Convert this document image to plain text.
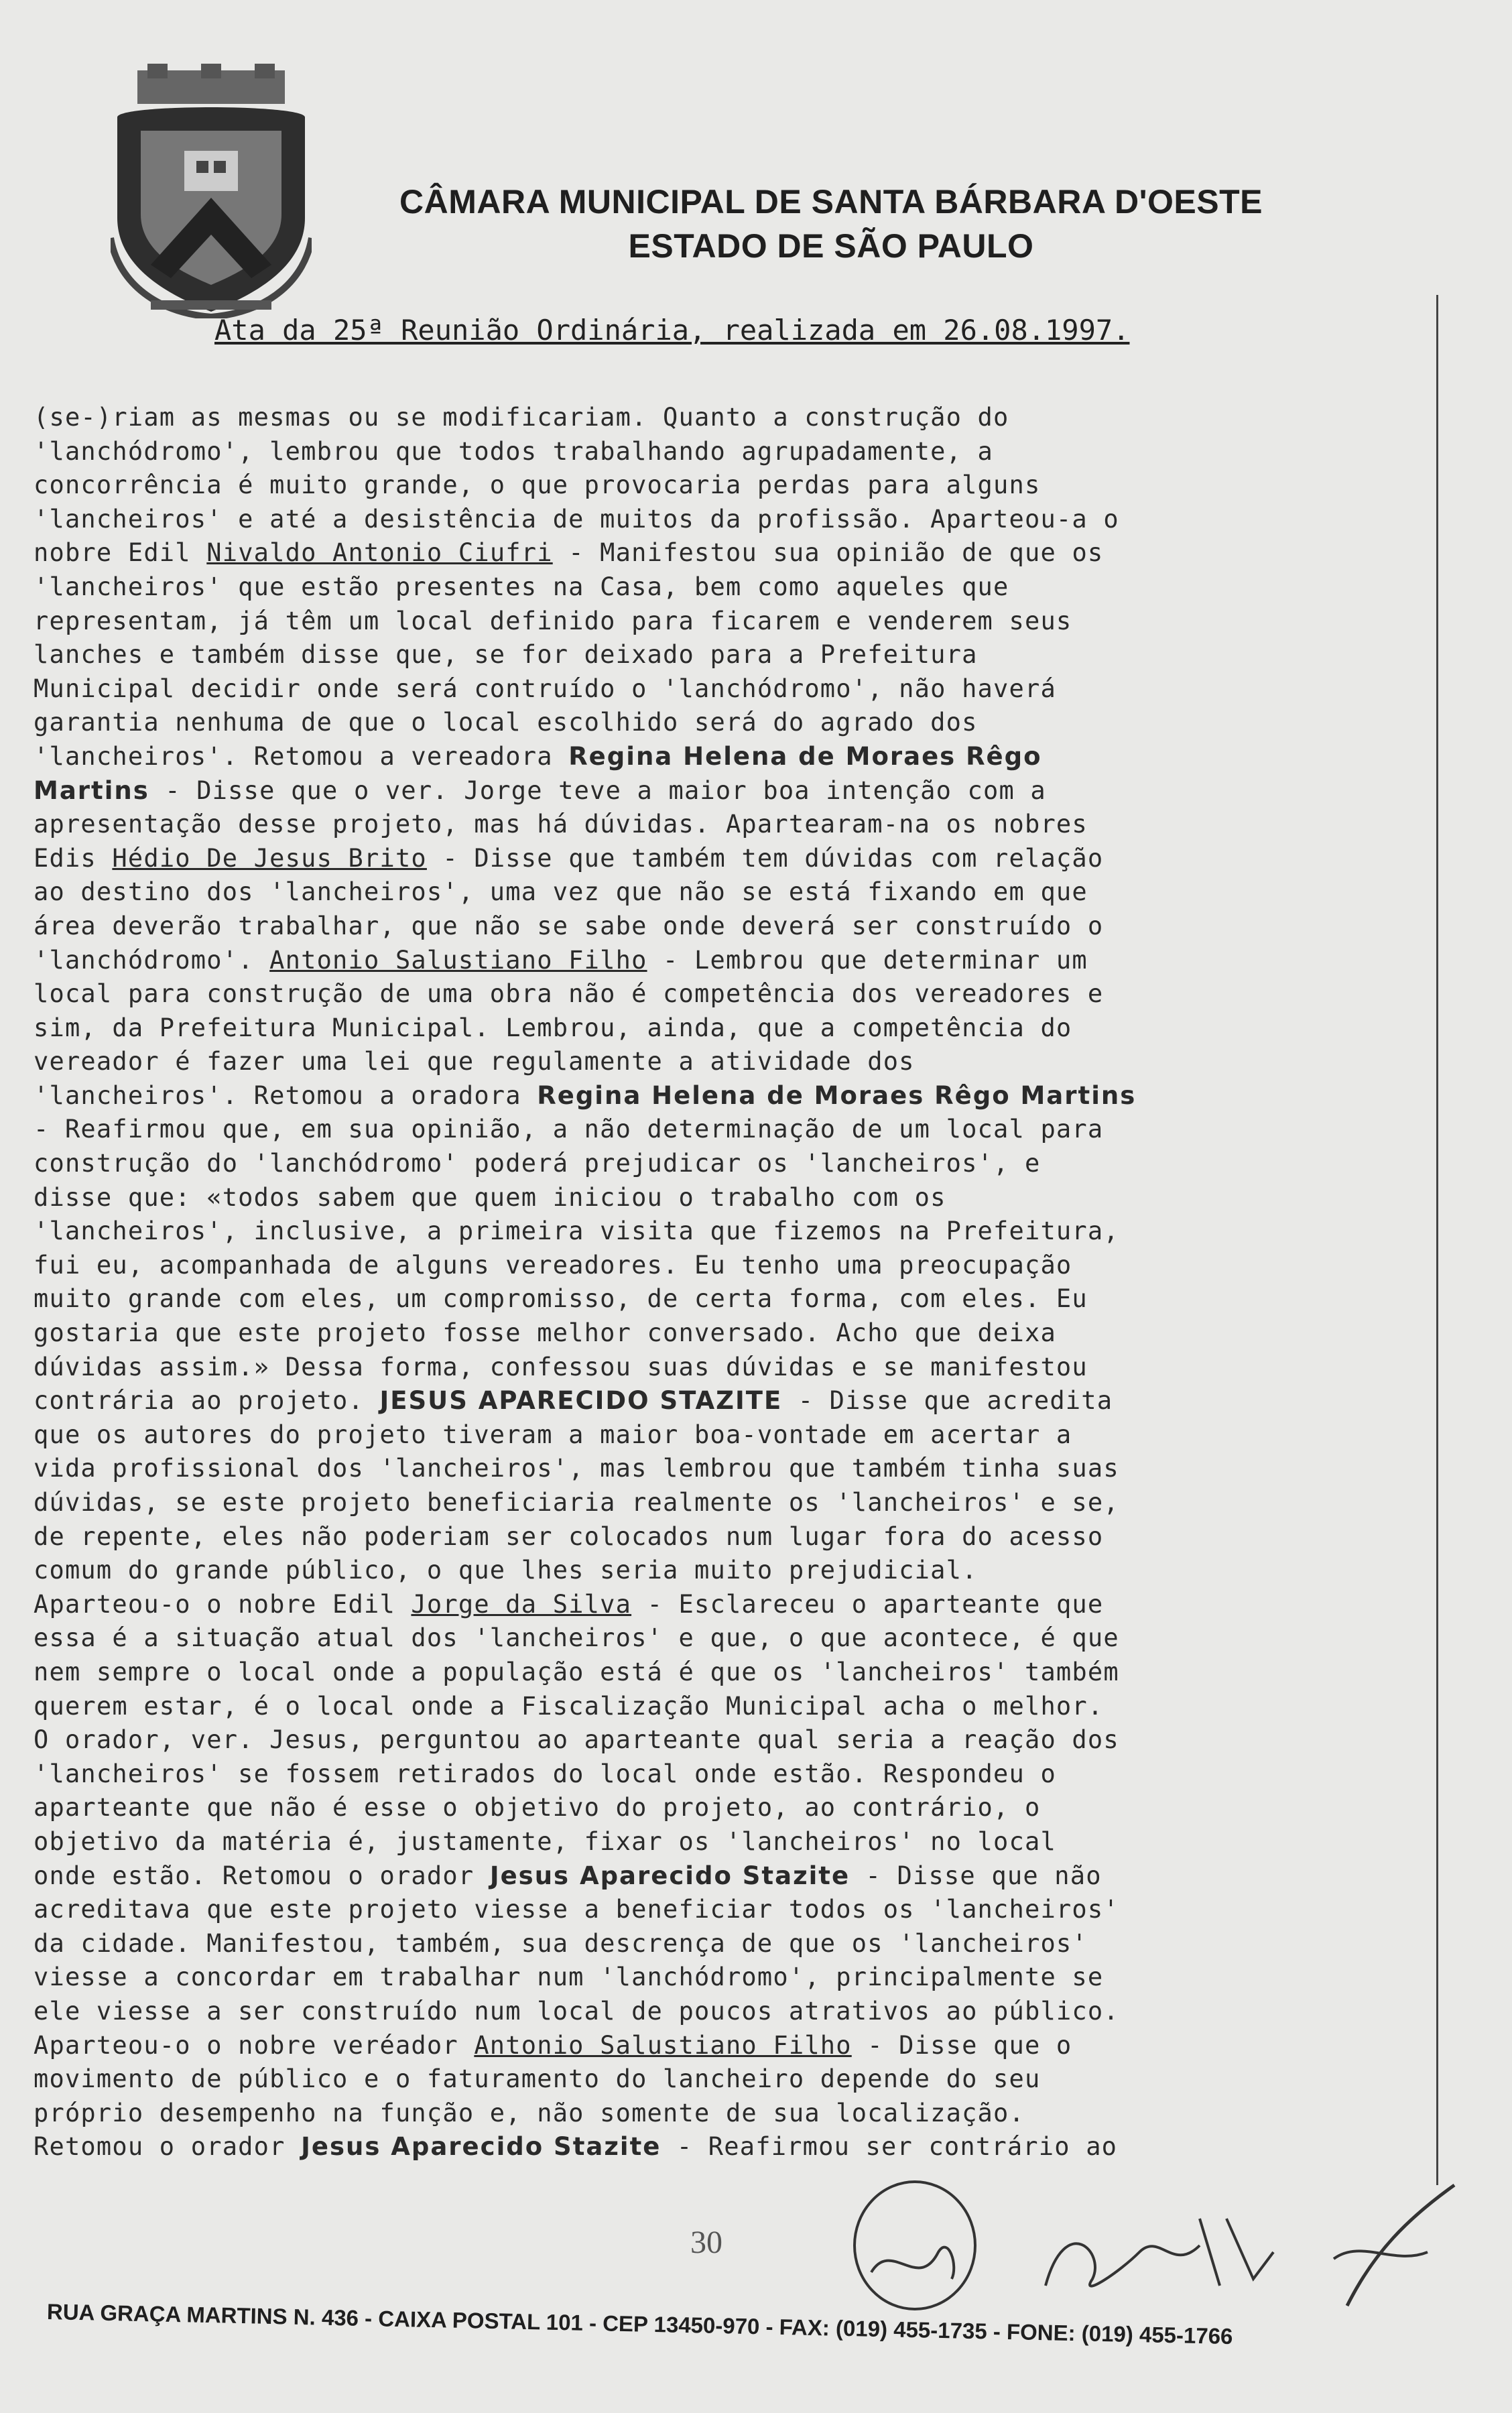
CÂMARA MUNICIPAL DE SANTA BÁRBARA D'OESTE
ESTADO DE SÃO PAULO
Ata da 25ª Reunião Ordinária, realizada em 26.08.1997.
(se-)riam as mesmas ou se modificariam. Quanto a construção do
'lanchódromo', lembrou que todos trabalhando agrupadamente, a
concorrência é muito grande, o que provocaria perdas para alguns
'lancheiros' e até a desistência de muitos da profissão. Aparteou-a o
nobre Edil Nivaldo Antonio Ciufri - Manifestou sua opinião de que os
'lancheiros' que estão presentes na Casa, bem como aqueles que
representam, já têm um local definido para ficarem e venderem seus
lanches e também disse que, se for deixado para a Prefeitura
Municipal decidir onde será contruído o 'lanchódromo', não haverá
garantia nenhuma de que o local escolhido será do agrado dos
'lancheiros'. Retomou a vereadora Regina Helena de Moraes Rêgo
Martins - Disse que o ver. Jorge teve a maior boa intenção com a
apresentação desse projeto, mas há dúvidas. Apartearam-na os nobres
Edis Hédio De Jesus Brito - Disse que também tem dúvidas com relação
ao destino dos 'lancheiros', uma vez que não se está fixando em que
área deverão trabalhar, que não se sabe onde deverá ser construído o
'lanchódromo'. Antonio Salustiano Filho - Lembrou que determinar um
local para construção de uma obra não é competência dos vereadores e
sim, da Prefeitura Municipal. Lembrou, ainda, que a competência do
vereador é fazer uma lei que regulamente a atividade dos
'lancheiros'. Retomou a oradora Regina Helena de Moraes Rêgo Martins
- Reafirmou que, em sua opinião, a não determinação de um local para
construção do 'lanchódromo' poderá prejudicar os 'lancheiros', e
disse que: «todos sabem que quem iniciou o trabalho com os
'lancheiros', inclusive, a primeira visita que fizemos na Prefeitura,
fui eu, acompanhada de alguns vereadores. Eu tenho uma preocupação
muito grande com eles, um compromisso, de certa forma, com eles. Eu
gostaria que este projeto fosse melhor conversado. Acho que deixa
dúvidas assim.» Dessa forma, confessou suas dúvidas e se manifestou
contrária ao projeto. JESUS APARECIDO STAZITE - Disse que acredita
que os autores do projeto tiveram a maior boa-vontade em acertar a
vida profissional dos 'lancheiros', mas lembrou que também tinha suas
dúvidas, se este projeto beneficiaria realmente os 'lancheiros' e se,
de repente, eles não poderiam ser colocados num lugar fora do acesso
comum do grande público, o que lhes seria muito prejudicial.
Aparteou-o o nobre Edil Jorge da Silva - Esclareceu o aparteante que
essa é a situação atual dos 'lancheiros' e que, o que acontece, é que
nem sempre o local onde a população está é que os 'lancheiros' também
querem estar, é o local onde a Fiscalização Municipal acha o melhor.
O orador, ver. Jesus, perguntou ao aparteante qual seria a reação dos
'lancheiros' se fossem retirados do local onde estão. Respondeu o
aparteante que não é esse o objetivo do projeto, ao contrário, o
objetivo da matéria é, justamente, fixar os 'lancheiros' no local
onde estão. Retomou o orador Jesus Aparecido Stazite - Disse que não
acreditava que este projeto viesse a beneficiar todos os 'lancheiros'
da cidade. Manifestou, também, sua descrença de que os 'lancheiros'
viesse a concordar em trabalhar num 'lanchódromo', principalmente se
ele viesse a ser construído num local de poucos atrativos ao público.
Aparteou-o o nobre veréador Antonio Salustiano Filho - Disse que o
movimento de público e o faturamento do lancheiro depende do seu
próprio desempenho na função e, não somente de sua localização.
Retomou o orador Jesus Aparecido Stazite - Reafirmou ser contrário ao
30
RUA GRAÇA MARTINS N. 436 - CAIXA POSTAL 101 - CEP 13450-970 - FAX: (019) 455-1735 - FONE: (019) 455-1766
